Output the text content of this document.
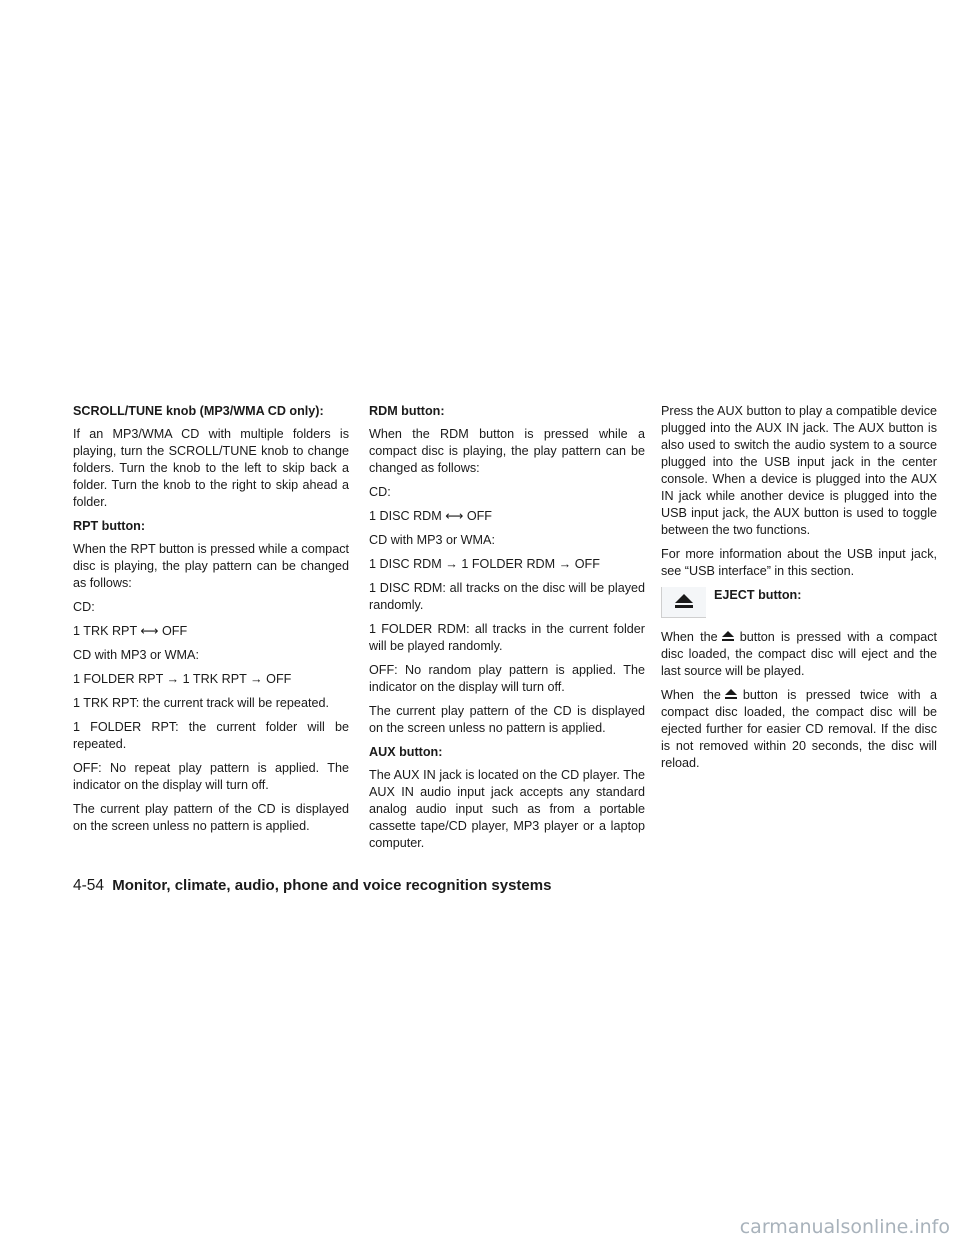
SCROLL/TUNE knob (MP3/WMA CD only):

If an MP3/WMA CD with multiple folders is playing, turn the SCROLL/TUNE knob to change folders. Turn the knob to the left to skip back a folder. Turn the knob to the right to skip ahead a folder.

RPT button:

When the RPT button is pressed while a compact disc is playing, the play pattern can be changed as follows:

CD:

1 TRK RPT ⟷ OFF

CD with MP3 or WMA:

1 FOLDER RPT → 1 TRK RPT → OFF

1 TRK RPT: the current track will be repeated.

1 FOLDER RPT: the current folder will be repeated.

OFF: No repeat play pattern is applied. The indicator on the display will turn off.

The current play pattern of the CD is displayed on the screen unless no pattern is applied.

RDM button:

When the RDM button is pressed while a compact disc is playing, the play pattern can be changed as follows:

CD:

1 DISC RDM ⟷ OFF

CD with MP3 or WMA:

1 DISC RDM → 1 FOLDER RDM → OFF

1 DISC RDM: all tracks on the disc will be played randomly.

1 FOLDER RDM: all tracks in the current folder will be played randomly.

OFF: No random play pattern is applied. The indicator on the display will turn off.

The current play pattern of the CD is displayed on the screen unless no pattern is applied.

AUX button:

The AUX IN jack is located on the CD player. The AUX IN audio input jack accepts any standard analog audio input such as from a portable cassette tape/CD player, MP3 player or a laptop computer.

Press the AUX button to play a compatible device plugged into the AUX IN jack. The AUX button is also used to switch the audio system to a source plugged into the USB input jack in the center console. When a device is plugged into the AUX IN jack while another device is plugged into the USB input jack, the AUX button is used to toggle between the two functions.

For more information about the USB input jack, see “USB interface” in this section.

EJECT button:

When the button is pressed with a compact disc loaded, the compact disc will eject and the last source will be played.

When the button is pressed twice with a compact disc loaded, the compact disc will be ejected further for easier CD removal. If the disc is not removed within 20 seconds, the disc will reload.

4-54 Monitor, climate, audio, phone and voice recognition systems
carmanualsonline.info
